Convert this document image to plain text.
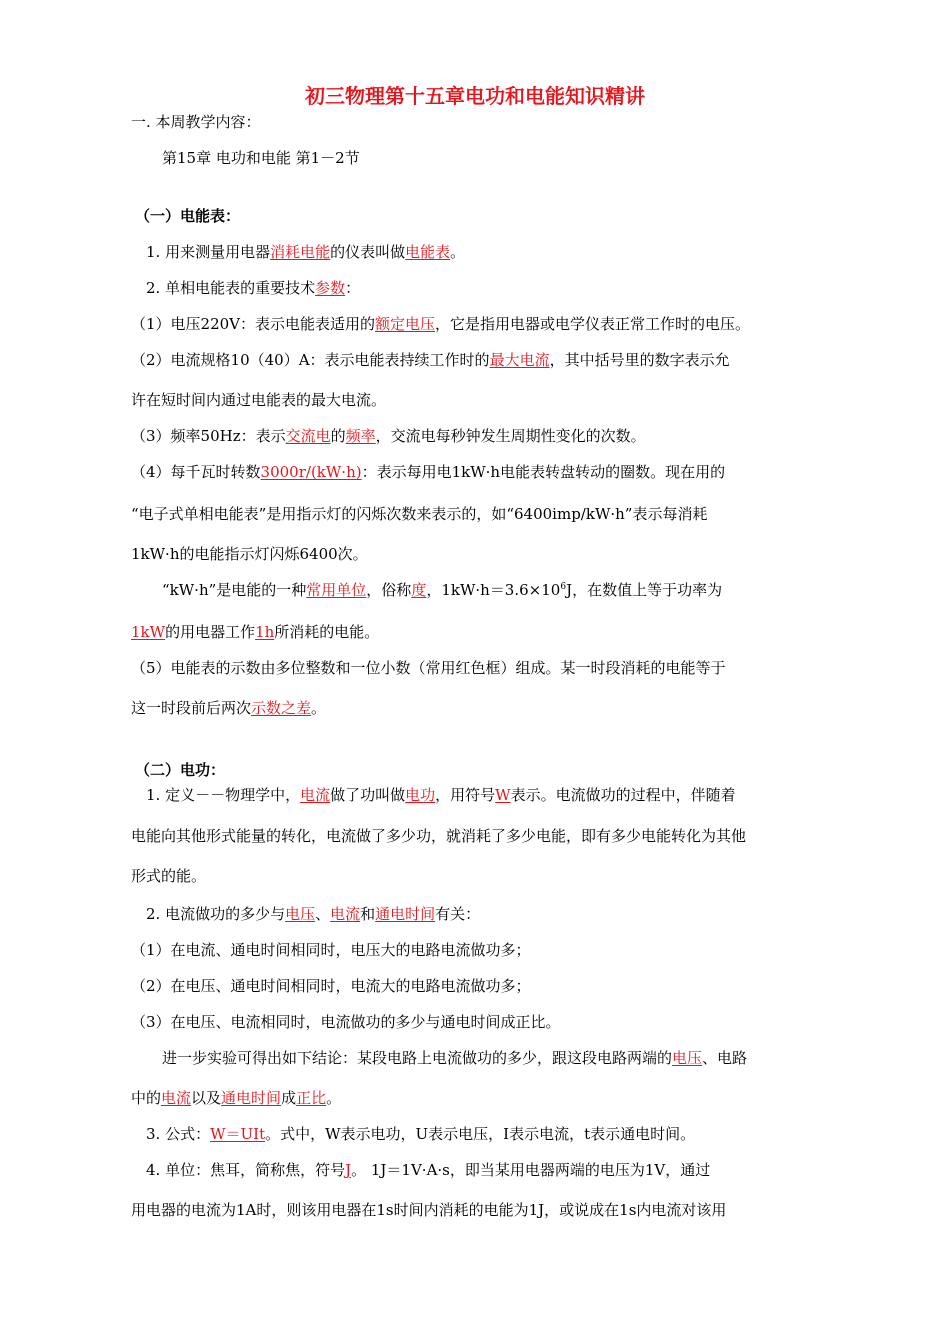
初三物理第十五章电功和电能知识精讲
一. 本周教学内容：
第15章 电功和电能 第1－2节
（一）电能表：
1. 用来测量用电器消耗电能的仪表叫做电能表。
2. 单相电能表的重要技术参数：
（1）电压220V：表示电能表适用的额定电压，它是指用电器或电学仪表正常工作时的电压。
（2）电流规格10（40）A：表示电能表持续工作时的最大电流，其中括号里的数字表示允
许在短时间内通过电能表的最大电流。
（3）频率50Hz：表示交流电的频率，交流电每秒钟发生周期性变化的次数。
（4）每千瓦时转数3000r/(kW·h)：表示每用电1kW·h电能表转盘转动的圈数。现在用的
“电子式单相电能表”是用指示灯的闪烁次数来表示的，如“6400imp/kW·h”表示每消耗
1kW·h的电能指示灯闪烁6400次。
“kW·h”是电能的一种常用单位，俗称度，$1kW\cdot h=3.6\times 10^6J$，在数值上等于功率为
1kW的用电器工作1h所消耗的电能。
（5）电能表的示数由多位整数和一位小数（常用红色框）组成。某一时段消耗的电能等于
这一时段前后两次示数之差。
（二）电功：
1. 定义－－物理学中，电流做了功叫做电功，用符号W表示。电流做功的过程中，伴随着
电能向其他形式能量的转化，电流做了多少功，就消耗了多少电能，即有多少电能转化为其他
形式的能。
2. 电流做功的多少与电压、电流和通电时间有关：
（1）在电流、通电时间相同时，电压大的电路电流做功多；
（2）在电压、通电时间相同时，电流大的电路电流做功多；
（3）在电压、电流相同时，电流做功的多少与通电时间成正比。
进一步实验可得出如下结论：某段电路上电流做功的多少，跟这段电路两端的电压、电路
中的电流以及通电时间成正比。
3. 公式：W＝UIt。式中，W表示电功，U表示电压，I表示电流，t表示通电时间。
4. 单位：焦耳，简称焦，符号J。 1J＝1V·A·s，即当某用电器两端的电压为1V，通过
用电器的电流为1A时，则该用电器在1s时间内消耗的电能为1J，或说成在1s内电流对该用
